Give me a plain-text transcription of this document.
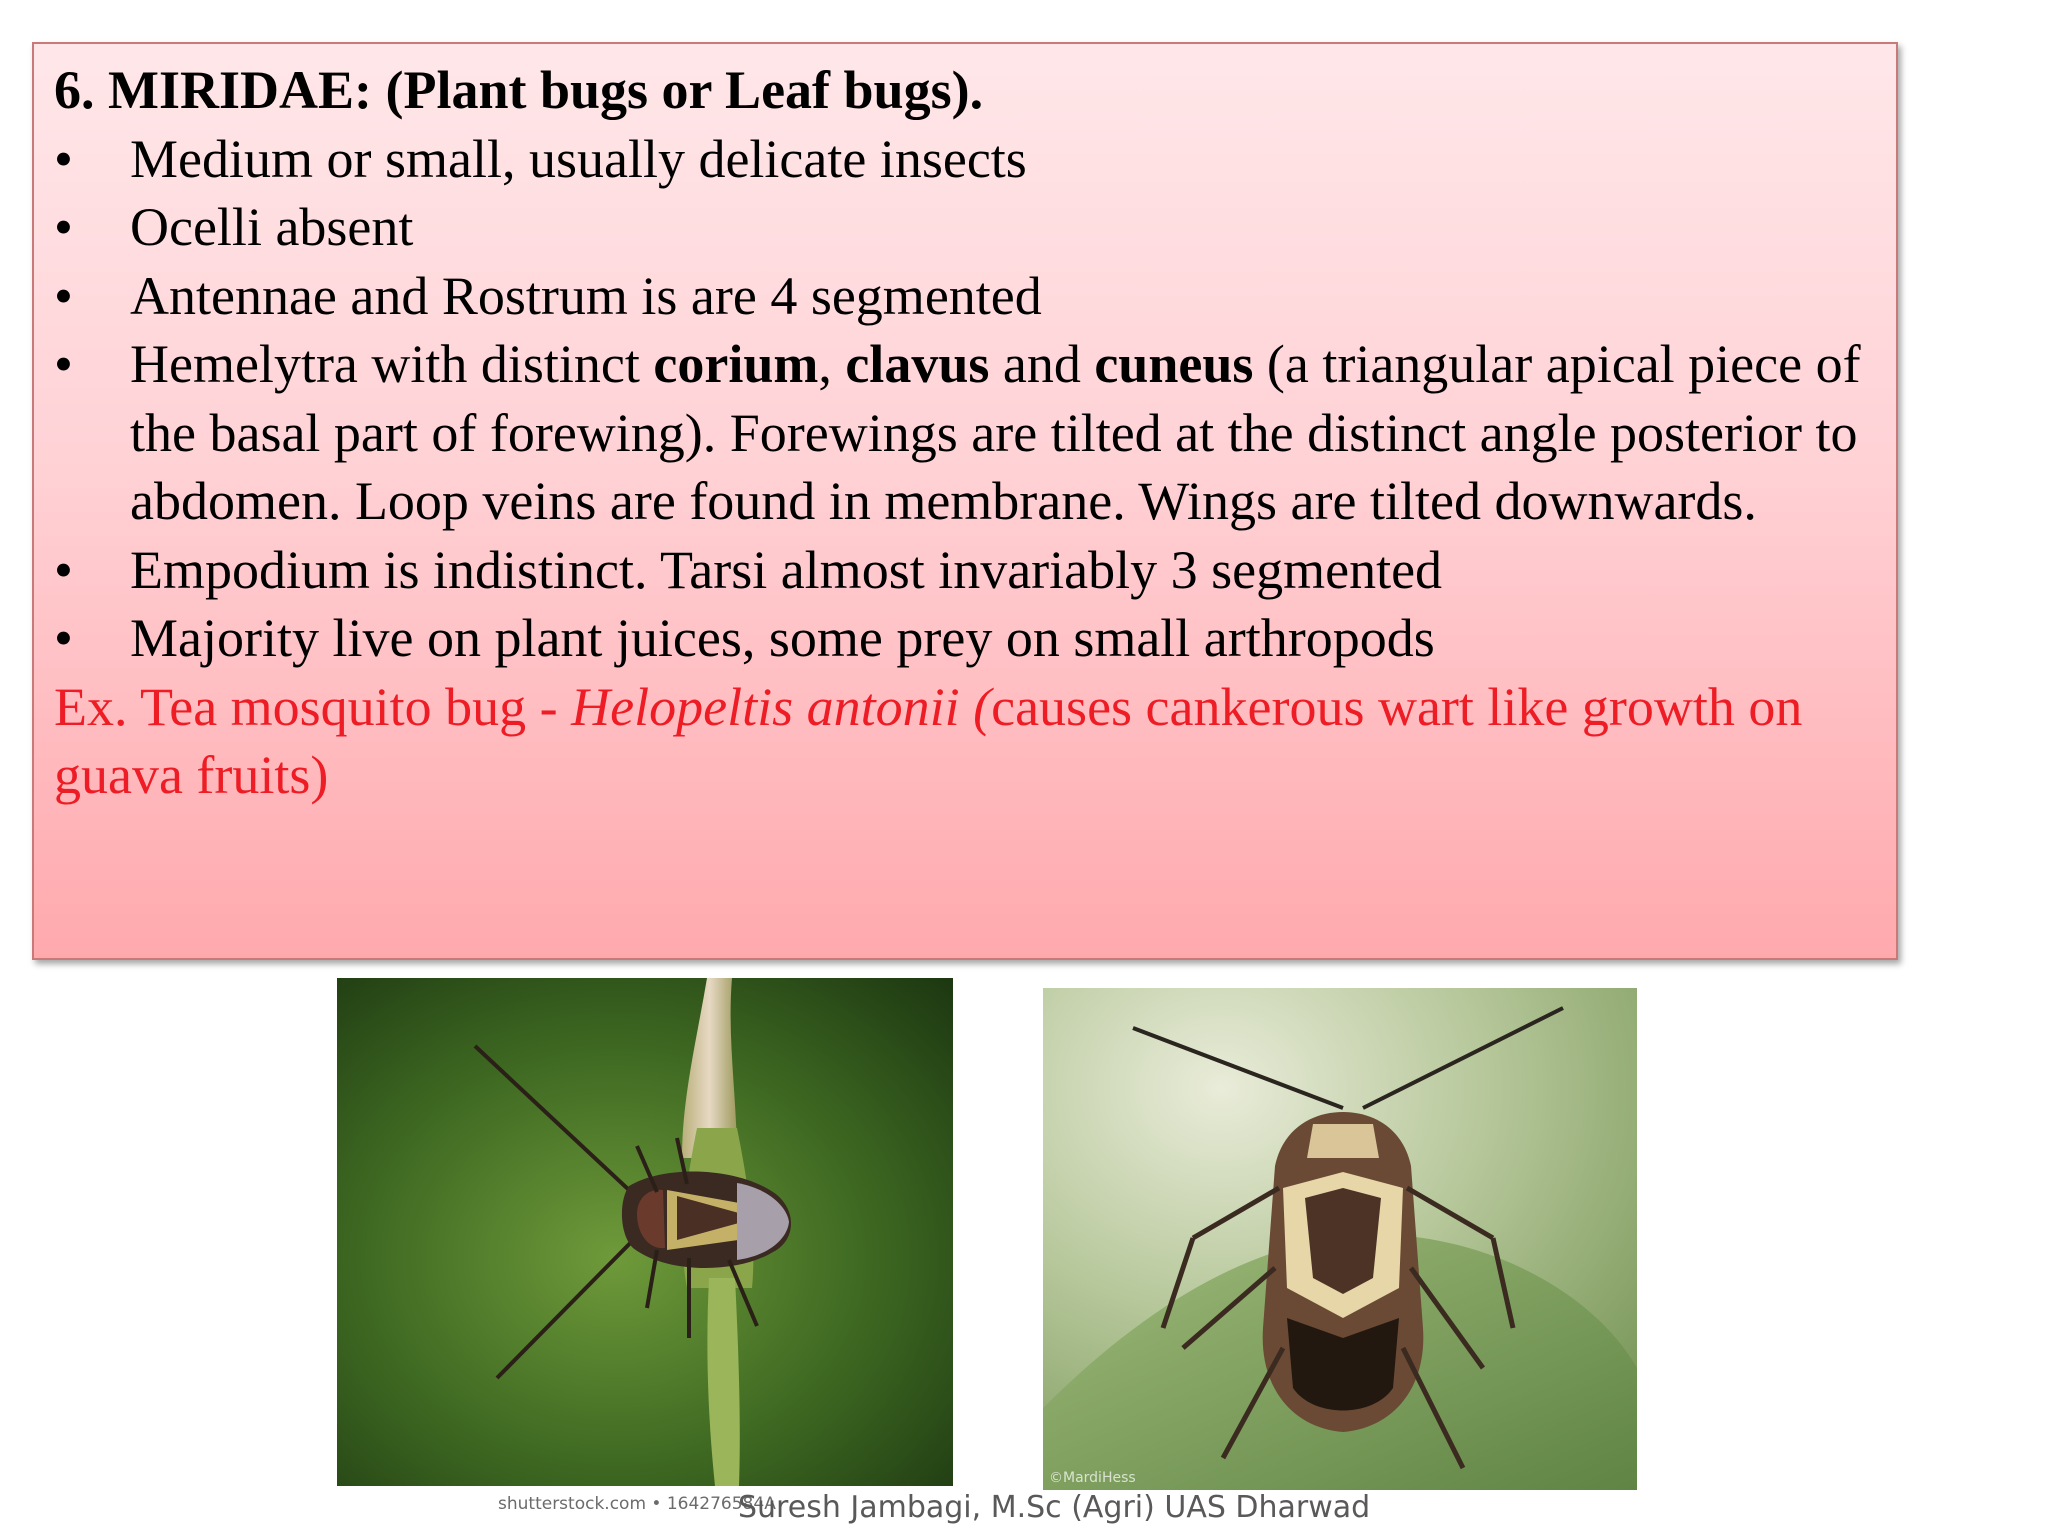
6. MIRIDAE: (Plant bugs or Leaf bugs).

• Medium or small, usually delicate insects
• Ocelli absent
• Antennae and Rostrum is are 4 segmented
• Hemelytra with distinct corium, clavus and cuneus (a triangular apical piece of the basal part of forewing). Forewings are tilted at the distinct angle posterior to abdomen. Loop veins are found in membrane. Wings are tilted downwards.
• Empodium is indistinct. Tarsi almost invariably 3 segmented
• Majority live on plant juices, some prey on small arthropods

Ex. Tea mosquito bug - Helopeltis antonii (causes cankerous wart like growth on guava fruits)

shutterstock.com • 164276584A
©MardiHess
Suresh Jambagi, M.Sc (Agri) UAS Dharwad
